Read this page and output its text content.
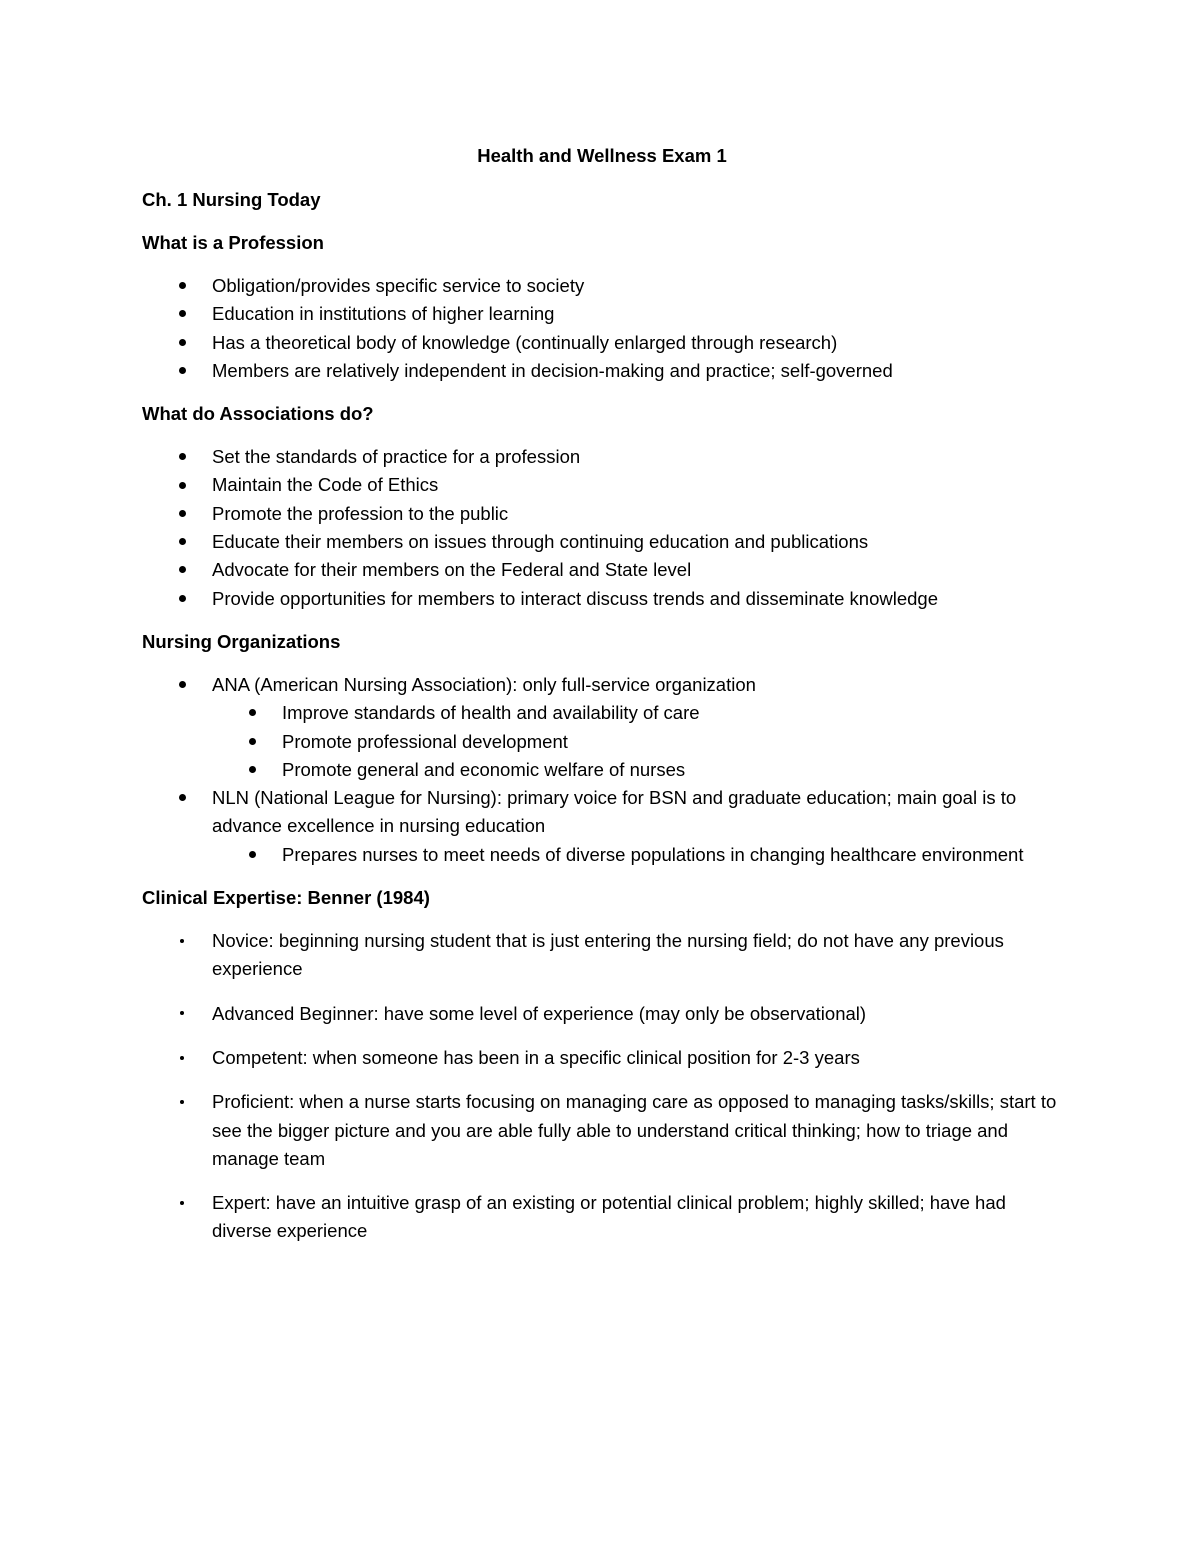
Health and Wellness Exam 1
Ch. 1 Nursing Today
What is a Profession
Obligation/provides specific service to society
Education in institutions of higher learning
Has a theoretical body of knowledge (continually enlarged through research)
Members are relatively independent in decision-making and practice; self-governed
What do Associations do?
Set the standards of practice for a profession
Maintain the Code of Ethics
Promote the profession to the public
Educate their members on issues through continuing education and publications
Advocate for their members on the Federal and State level
Provide opportunities for members to interact discuss trends and disseminate knowledge
Nursing Organizations
ANA (American Nursing Association): only full-service organization
Improve standards of health and availability of care
Promote professional development
Promote general and economic welfare of nurses
NLN (National League for Nursing): primary voice for BSN and graduate education; main goal is to advance excellence in nursing education
Prepares nurses to meet needs of diverse populations in changing healthcare environment
Clinical Expertise: Benner (1984)
Novice: beginning nursing student that is just entering the nursing field; do not have any previous experience
Advanced Beginner: have some level of experience (may only be observational)
Competent: when someone has been in a specific clinical position for 2-3 years
Proficient: when a nurse starts focusing on managing care as opposed to managing tasks/skills; start to see the bigger picture and you are able fully able to understand critical thinking; how to triage and manage team
Expert: have an intuitive grasp of an existing or potential clinical problem; highly skilled; have had diverse experience
